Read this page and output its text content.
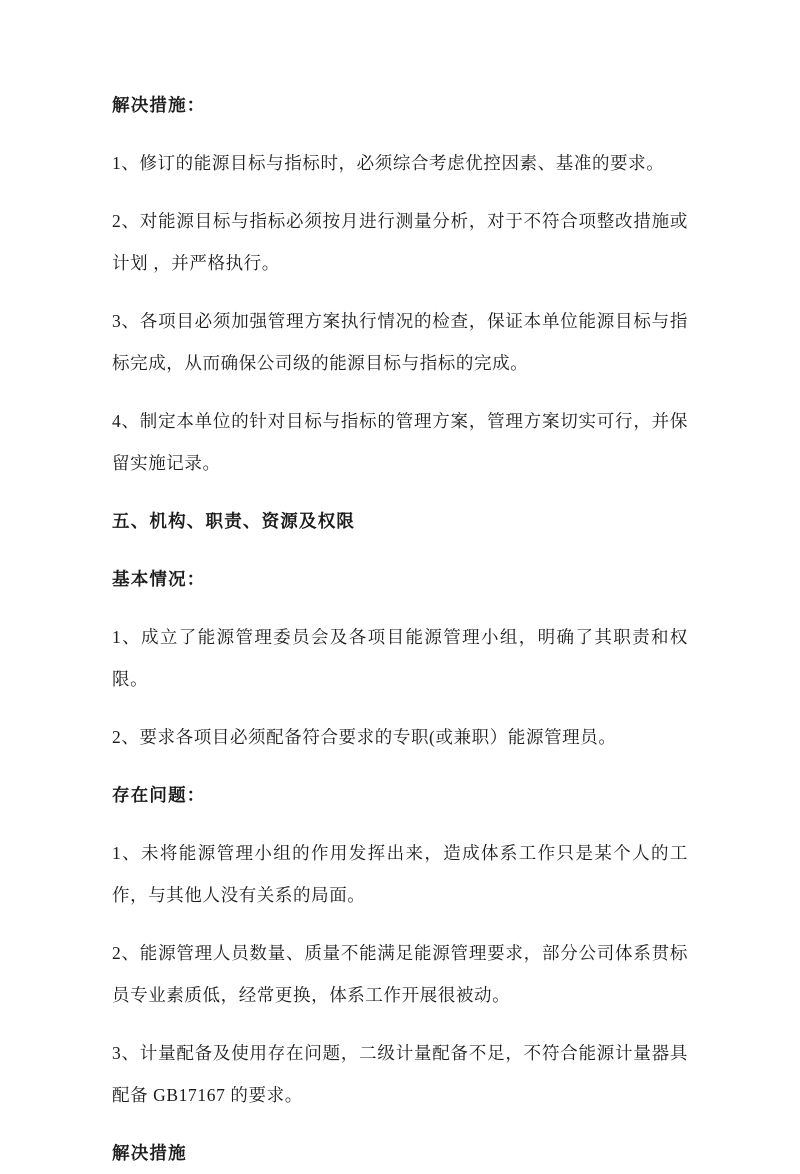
解决措施：

1、修订的能源目标与指标时，必须综合考虑优控因素、基准的要求。

2、对能源目标与指标必须按月进行测量分析，对于不符合项整改措施或计划 ，并严格执行。

3、各项目必须加强管理方案执行情况的检查，保证本单位能源目标与指标完成，从而确保公司级的能源目标与指标的完成。

4、制定本单位的针对目标与指标的管理方案，管理方案切实可行，并保留实施记录。

五、机构、职责、资源及权限

基本情况：

1、成立了能源管理委员会及各项目能源管理小组，明确了其职责和权限。

2、要求各项目必须配备符合要求的专职(或兼职）能源管理员。

存在问题：

1、未将能源管理小组的作用发挥出来，造成体系工作只是某个人的工作，与其他人没有关系的局面。

2、能源管理人员数量、质量不能满足能源管理要求，部分公司体系贯标员专业素质低，经常更换，体系工作开展很被动。

3、计量配备及使用存在问题，二级计量配备不足，不符合能源计量器具配备 GB17167 的要求。

解决措施
